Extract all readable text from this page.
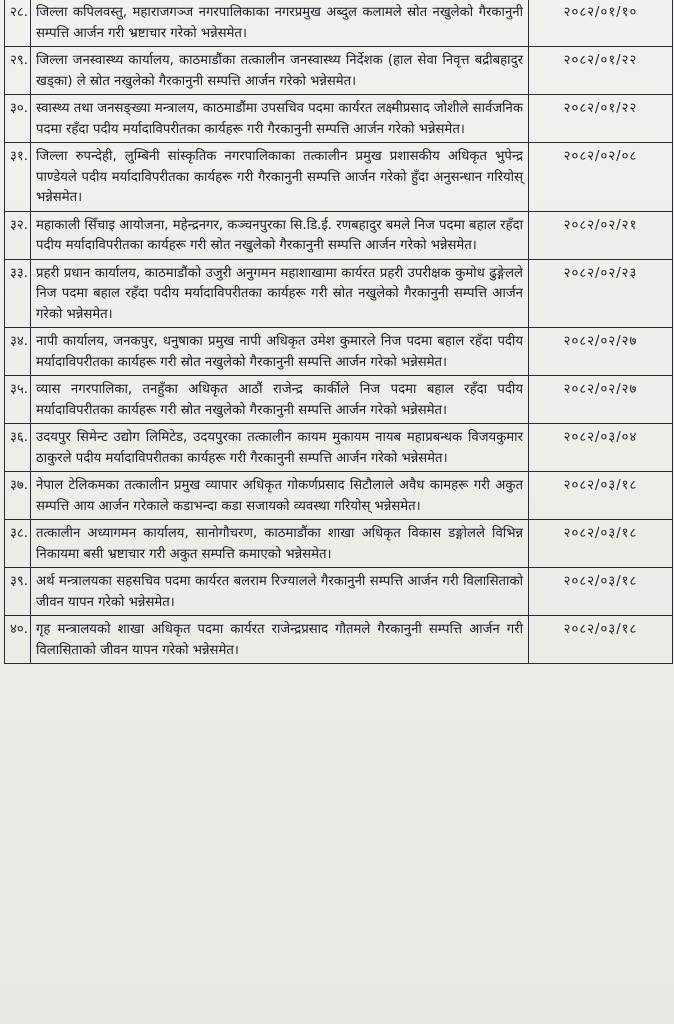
२८.	जिल्ला कपिलवस्तु, महाराजगञ्ज नगरपालिकाका नगरप्रमुख अब्दुल कलामले स्रोत नखुलेको गैरकानुनी सम्पत्ति आर्जन गरी भ्रष्टाचार गरेको भन्नेसमेत।	२०८२/०१/१०
२९.	जिल्ला जनस्वास्थ्य कार्यालय, काठमाडौंका तत्कालीन जनस्वास्थ्य निर्देशक (हाल सेवा निवृत्त बद्रीबहादुर खड्का) ले स्रोत नखुलेको गैरकानुनी सम्पत्ति आर्जन गरेको भन्नेसमेत।	२०८२/०१/२२
३०.	स्वास्थ्य तथा जनसङ्ख्या मन्त्रालय, काठमाडौंमा उपसचिव पदमा कार्यरत लक्ष्मीप्रसाद जोशीले सार्वजनिक पदमा रहँदा पदीय मर्यादाविपरीतका कार्यहरू गरी गैरकानुनी सम्पत्ति आर्जन गरेको भन्नेसमेत।	२०८२/०१/२२
३१.	जिल्ला रुपन्देही, लुम्बिनी सांस्कृतिक नगरपालिकाका तत्कालीन प्रमुख प्रशासकीय अधिकृत भुपेन्द्र पाण्डेयले पदीय मर्यादाविपरीतका कार्यहरू गरी गैरकानुनी सम्पत्ति आर्जन गरेको हुँदा अनुसन्धान गरियोस् भन्नेसमेत।	२०८२/०२/०८
३२.	महाकाली सिँचाइ आयोजना, महेन्द्रनगर, कञ्चनपुरका सि.डि.ई. रणबहादुर बमले निज पदमा बहाल रहँदा पदीय मर्यादाविपरीतका कार्यहरू गरी स्रोत नखुलेको गैरकानुनी सम्पत्ति आर्जन गरेको भन्नेसमेत।	२०८२/०२/२१
३३.	प्रहरी प्रधान कार्यालय, काठमाडौंको उजुरी अनुगमन महाशाखामा कार्यरत प्रहरी उपरीक्षक कुमोध ढुङ्गेलले निज पदमा बहाल रहँदा पदीय मर्यादाविपरीतका कार्यहरू गरी स्रोत नखुलेको गैरकानुनी सम्पत्ति आर्जन गरेको भन्नेसमेत।	२०८२/०२/२३
३४.	नापी कार्यालय, जनकपुर, धनुषाका प्रमुख नापी अधिकृत उमेश कुमारले निज पदमा बहाल रहँदा पदीय मर्यादाविपरीतका कार्यहरू गरी स्रोत नखुलेको गैरकानुनी सम्पत्ति आर्जन गरेको भन्नेसमेत।	२०८२/०२/२७
३५.	व्यास नगरपालिका, तनहुँका अधिकृत आठौं राजेन्द्र कार्कीले निज पदमा बहाल रहँदा पदीय मर्यादाविपरीतका कार्यहरू गरी स्रोत नखुलेको गैरकानुनी सम्पत्ति आर्जन गरेको भन्नेसमेत।	२०८२/०२/२७
३६.	उदयपुर सिमेन्ट उद्योग लिमिटेड, उदयपुरका तत्कालीन कायम मुकायम नायब महाप्रबन्धक विजयकुमार ठाकुरले पदीय मर्यादाविपरीतका कार्यहरू गरी गैरकानुनी सम्पत्ति आर्जन गरेको भन्नेसमेत।	२०८२/०३/०४
३७.	नेपाल टेलिकमका तत्कालीन प्रमुख व्यापार अधिकृत गोकर्णप्रसाद सिटौलाले अवैध कामहरू गरी अकुत सम्पत्ति आय आर्जन गरेकाले कडाभन्दा कडा सजायको व्यवस्था गरियोस् भन्नेसमेत।	२०८२/०३/१८
३८.	तत्कालीन अध्यागमन कार्यालय, सानोगौचरण, काठमाडौंका शाखा अधिकृत विकास डङ्गोलले विभिन्न निकायमा बसी भ्रष्टाचार गरी अकुत सम्पत्ति कमाएको भन्नेसमेत।	२०८२/०३/१८
३९.	अर्थ मन्त्रालयका सहसचिव पदमा कार्यरत बलराम रिज्यालले गैरकानुनी सम्पत्ति आर्जन गरी विलासिताको जीवन यापन गरेको भन्नेसमेत।	२०८२/०३/१८
४०.	गृह मन्त्रालयको शाखा अधिकृत पदमा कार्यरत राजेन्द्रप्रसाद गौतमले गैरकानुनी सम्पत्ति आर्जन गरी विलासिताको जीवन यापन गरेको भन्नेसमेत।	२०८२/०३/१८
